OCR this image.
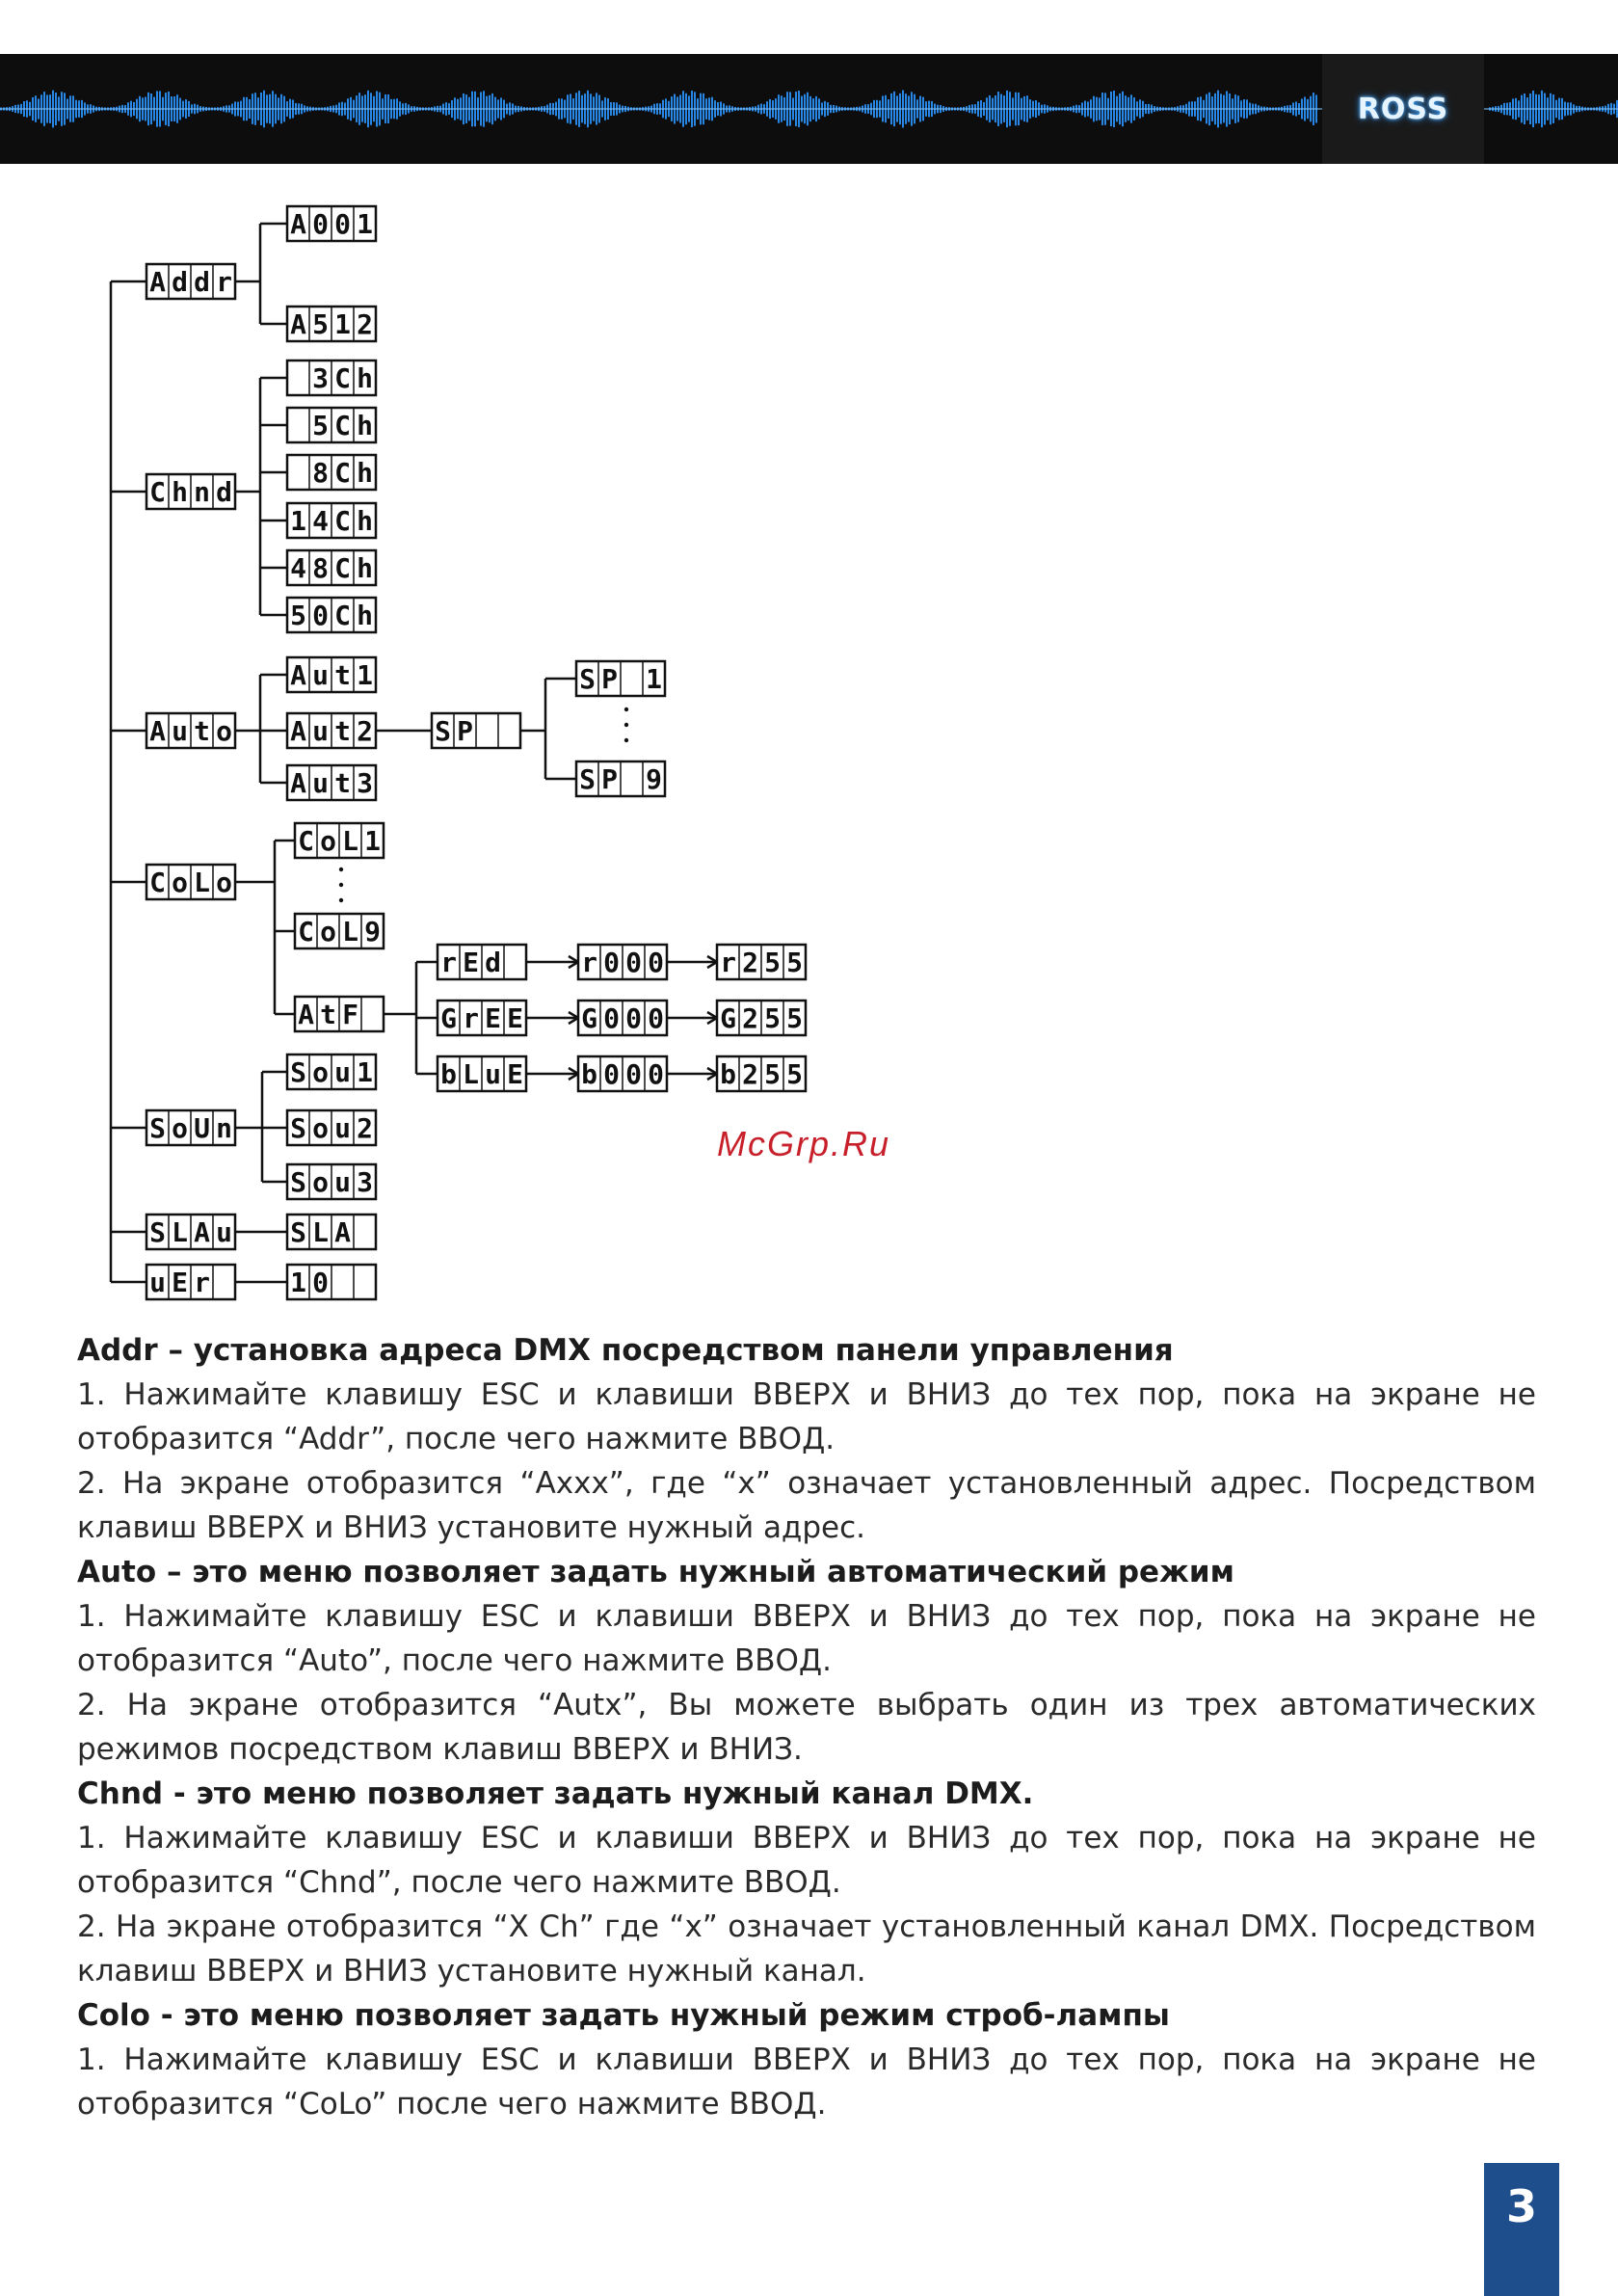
ROSS
A d d r
C h n d
A u t o
C o L o
S o U n
S L A u
u E r
A 0 0 1
A 5 1 2
3 C h
5 C h
8 C h
1 4 C h
4 8 C h
5 0 C h
A u t 1
A u t 2
A u t 3
S P
S P 1
S P 9
C o L 1
C o L 9
A t F
r E d	r 0 0 0 r 2 5 5
G r E E G 0 0 0 G 2 5 5
b L u E b 0 0 0 b 2 5 5
S o u 1
S o u 2
S o u 3
S L A
1 0
McGrp.Ru
Addr – установка адреса DMX посредством панели управления

1. Нажимайте клавишу ESC и клавиши ВВЕРХ и ВНИЗ до тех пор, пока на экране не отобразится “Addr”, после чего нажмите ВВОД.

2. На экране отобразится “Axxx”, где “x” означает установленный адрес. Посредством клавиш ВВЕРХ и ВНИЗ установите нужный адрес.

Auto – это меню позволяет задать нужный автоматический режим

1. Нажимайте клавишу ESC и клавиши ВВЕРХ и ВНИЗ до тех пор, пока на экране не отобразится “Auto”, после чего нажмите ВВОД.

2. На экране отобразится “Autx”, Вы можете выбрать один из трех автоматических режимов посредством клавиш ВВЕРХ и ВНИЗ.

Chnd - это меню позволяет задать нужный канал DMX.

1. Нажимайте клавишу ESC и клавиши ВВЕРХ и ВНИЗ до тех пор, пока на экране не отобразится “Chnd”, после чего нажмите ВВОД.

2. На экране отобразится “X Ch” где “x” означает установленный канал DMX. Посредством клавиш ВВЕРХ и ВНИЗ установите нужный канал.

Colo - это меню позволяет задать нужный режим строб-лампы

1. Нажимайте клавишу ESC и клавиши ВВЕРХ и ВНИЗ до тех пор, пока на экране не отобразится “CoLo” после чего нажмите ВВОД.

3
